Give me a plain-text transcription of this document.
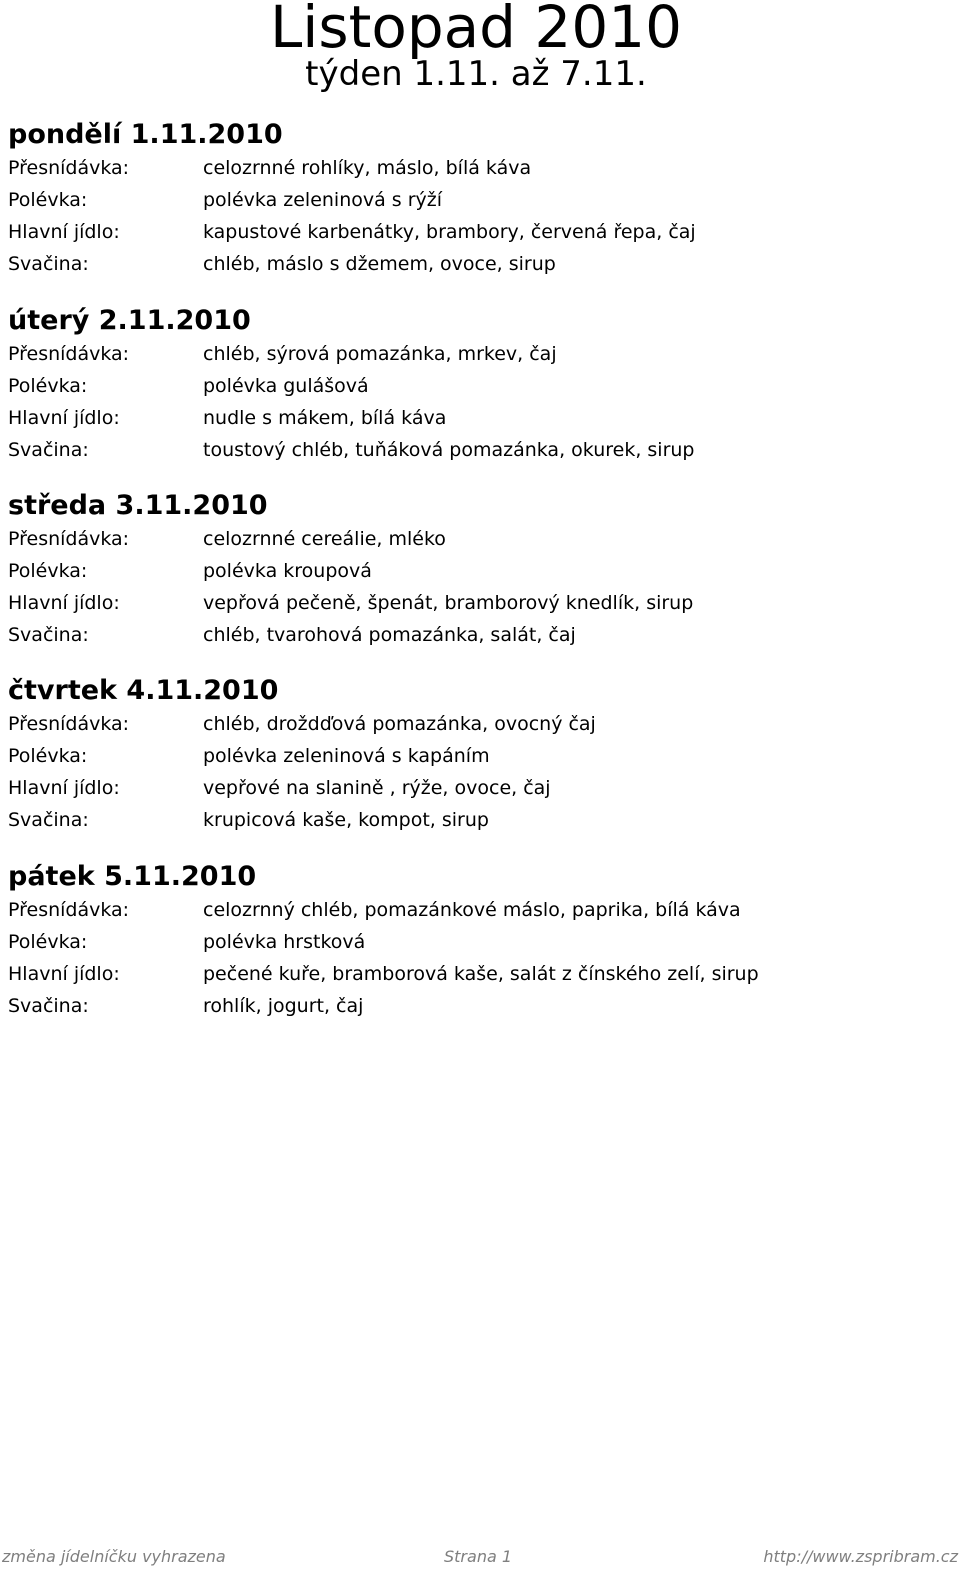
Listopad 2010
týden 1.11. až 7.11.
pondělí 1.11.2010
Přesnídávka:	celozrnné rohlíky, máslo, bílá káva
Polévka:	polévka zeleninová s rýží
Hlavní jídlo:	kapustové karbenátky, brambory, červená řepa, čaj
Svačina:	chléb, máslo s džemem, ovoce, sirup
úterý 2.11.2010
Přesnídávka:	chléb, sýrová pomazánka, mrkev, čaj
Polévka:	polévka gulášová
Hlavní jídlo:	nudle s mákem, bílá káva
Svačina:	toustový chléb, tuňáková pomazánka, okurek, sirup
středa 3.11.2010
Přesnídávka:	celozrnné cereálie, mléko
Polévka:	polévka kroupová
Hlavní jídlo:	vepřová pečeně, špenát, bramborový knedlík, sirup
Svačina:	chléb, tvarohová pomazánka, salát, čaj
čtvrtek 4.11.2010
Přesnídávka:	chléb, droždďová pomazánka, ovocný čaj
Polévka:	polévka zeleninová s kapáním
Hlavní jídlo:	vepřové na slanině , rýže, ovoce, čaj
Svačina:	krupicová kaše, kompot, sirup
pátek 5.11.2010
Přesnídávka:	celozrnný chléb, pomazánkové máslo, paprika, bílá káva
Polévka:	polévka hrstková
Hlavní jídlo:	pečené kuře, bramborová kaše, salát z čínského zelí, sirup
Svačina:	rohlík, jogurt, čaj
změna jídelníčku vyhrazena	Strana 1	http://www.zspribram.cz
